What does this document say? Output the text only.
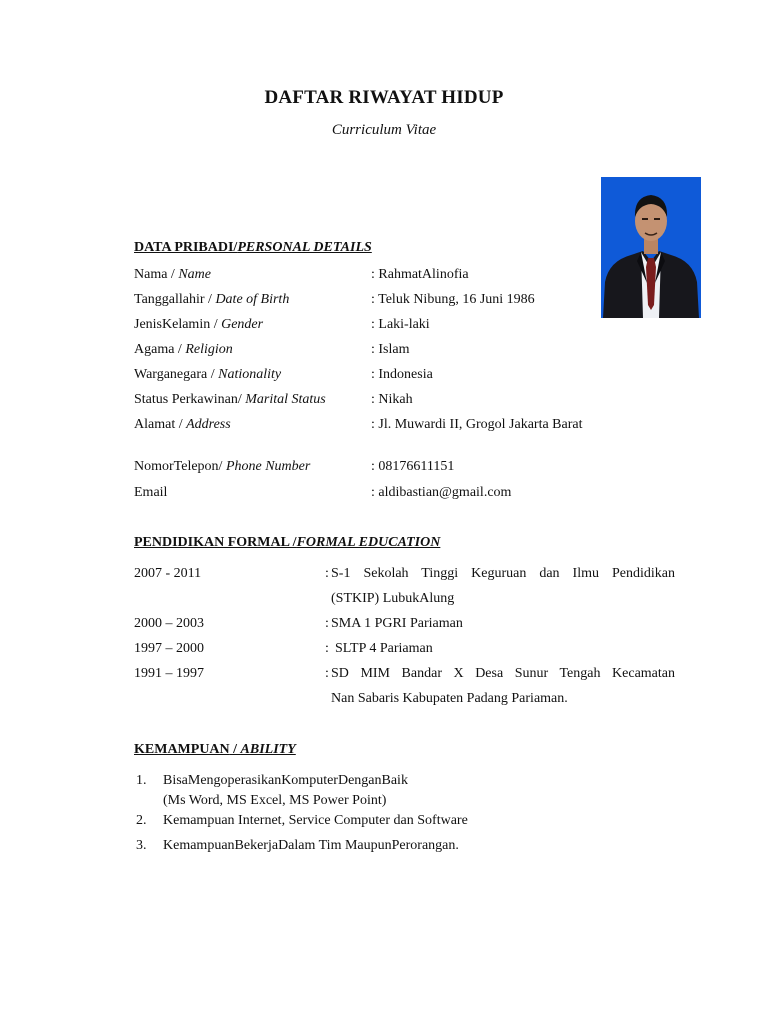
DAFTAR RIWAYAT HIDUP
Curriculum Vitae
DATA PRIBADI/PERSONAL DETAILS
Nama / Name	: RahmatAlinofia
Tanggallahir / Date of Birth	: Teluk Nibung, 16 Juni 1986
JenisKelamin / Gender	: Laki-laki
Agama / Religion	: Islam
Warganegara / Nationality	: Indonesia
Status Perkawinan/ Marital Status	: Nikah
Alamat / Address	: Jl. Muwardi II, Grogol Jakarta Barat
NomorTelepon/ Phone Number	: 08176611151
Email	: aldibastian@gmail.com
PENDIDIKAN FORMAL /FORMAL EDUCATION
2007 - 2011	: S-1 Sekolah Tinggi Keguruan dan Ilmu Pendidikan
(STKIP) LubukAlung
2000 – 2003	: SMA 1 PGRI Pariaman
1997 – 2000	: SLTP 4 Pariaman
1991 – 1997	: SD MIM Bandar X Desa Sunur Tengah Kecamatan
Nan Sabaris Kabupaten Padang Pariaman.
KEMAMPUAN / ABILITY
1. BisaMengoperasikanKomputerDenganBaik
(Ms Word, MS Excel, MS Power Point)
2. Kemampuan Internet, Service Computer dan Software
3. KemampuanBekerjaDalam Tim MaupunPerorangan.
